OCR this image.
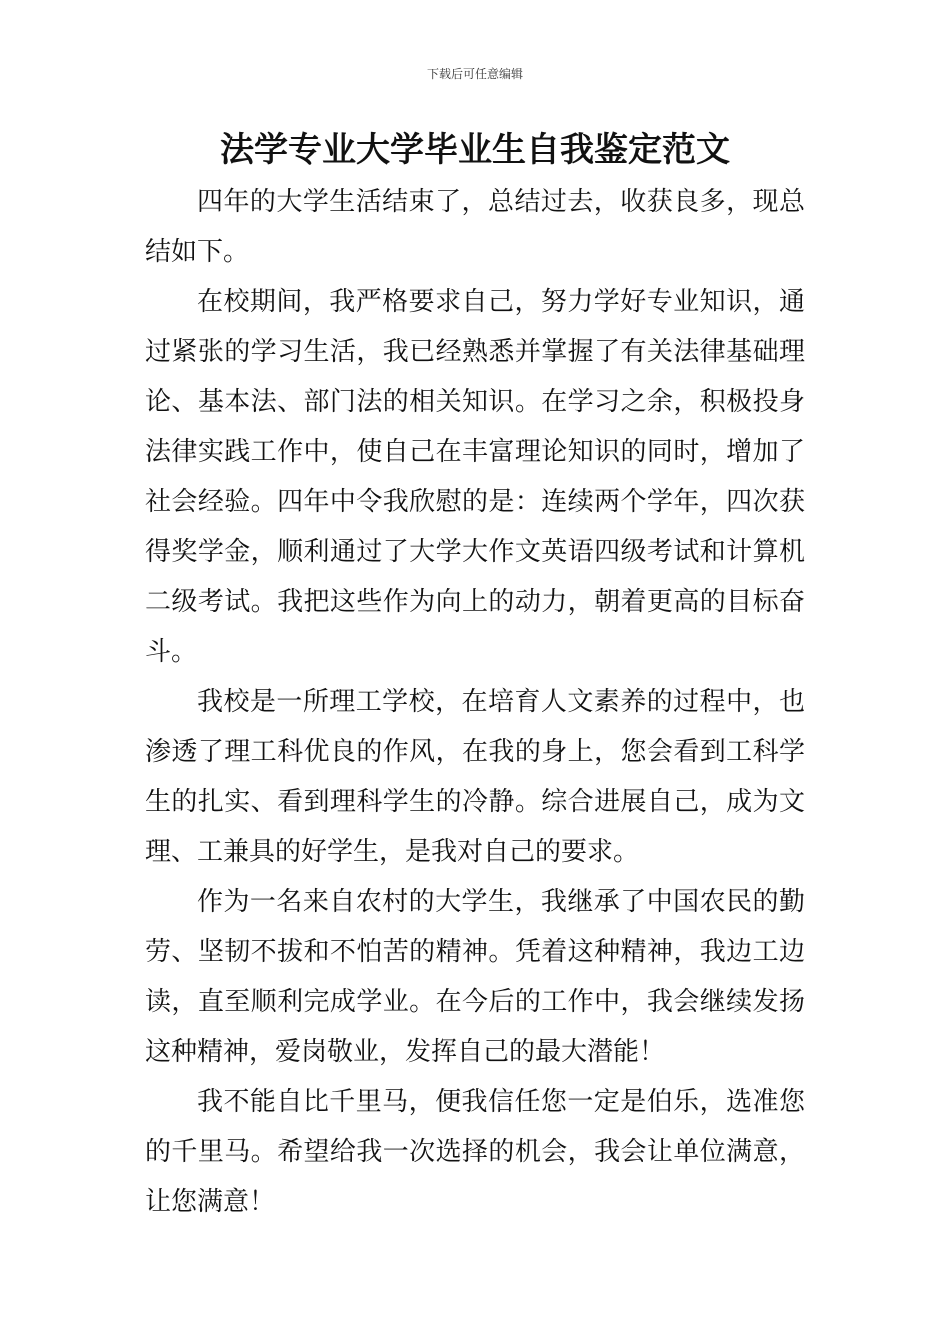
下载后可任意编辑
法学专业大学毕业生自我鉴定范文

四年的大学生活结束了，总结过去，收获良多，现总结如下。

在校期间，我严格要求自己，努力学好专业知识，通过紧张的学习生活，我已经熟悉并掌握了有关法律基础理论、基本法、部门法的相关知识。在学习之余，积极投身法律实践工作中，使自己在丰富理论知识的同时，增加了社会经验。四年中令我欣慰的是：连续两个学年，四次获得奖学金，顺利通过了大学大作文英语四级考试和计算机二级考试。我把这些作为向上的动力，朝着更高的目标奋斗。

我校是一所理工学校，在培育人文素养的过程中，也渗透了理工科优良的作风，在我的身上，您会看到工科学生的扎实、看到理科学生的冷静。综合进展自己，成为文理、工兼具的好学生，是我对自己的要求。

作为一名来自农村的大学生，我继承了中国农民的勤劳、坚韧不拔和不怕苦的精神。凭着这种精神，我边工边读，直至顺利完成学业。在今后的工作中，我会继续发扬这种精神，爱岗敬业，发挥自己的最大潜能！

我不能自比千里马，便我信任您一定是伯乐，选准您的千里马。希望给我一次选择的机会，我会让单位满意，让您满意！
